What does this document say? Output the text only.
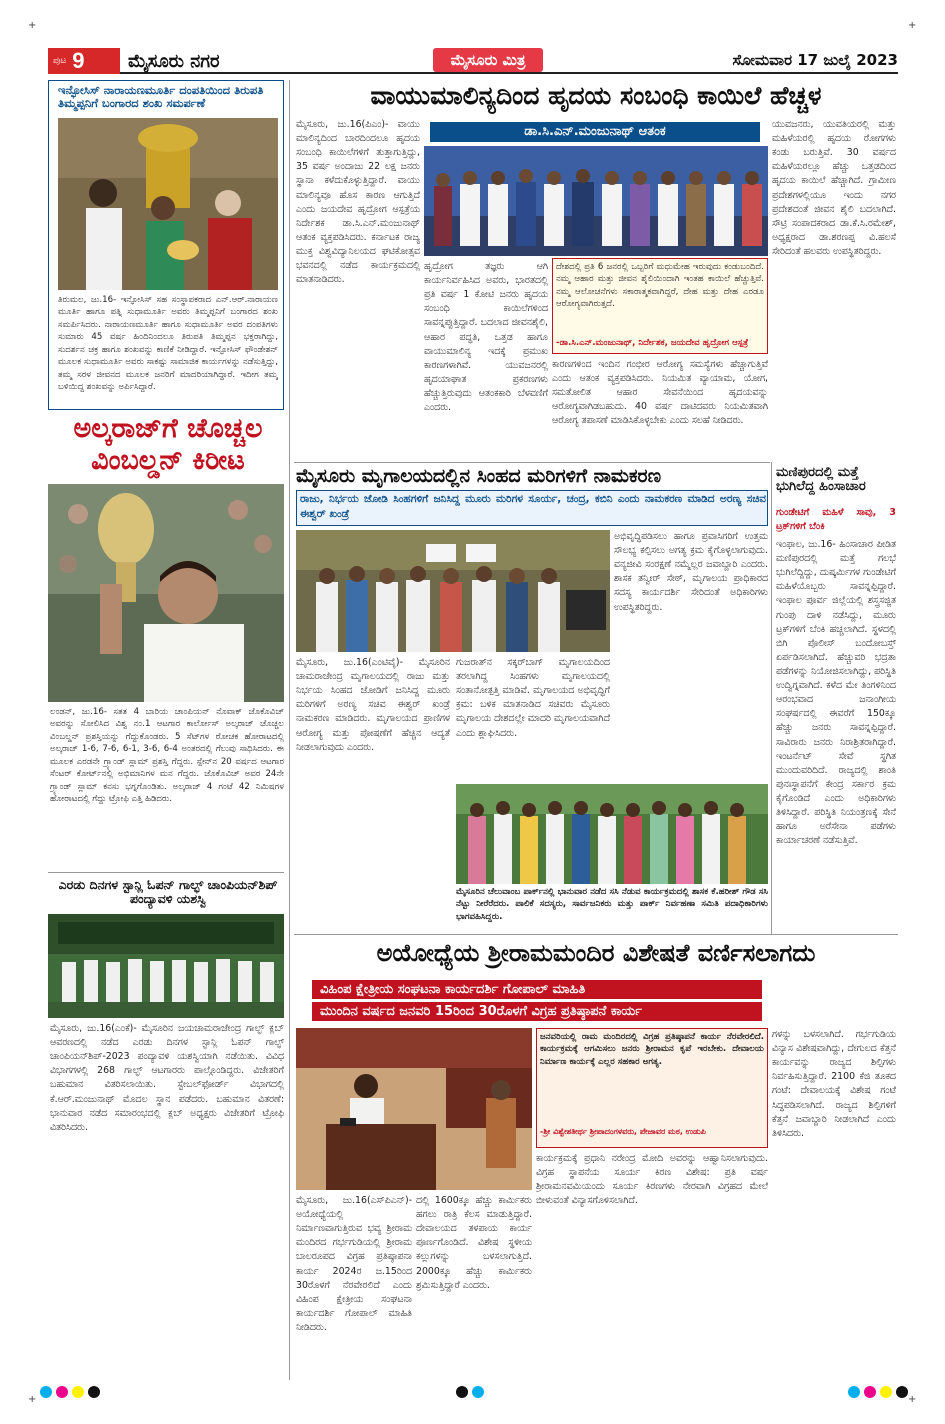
+	+
+	+
ಪುಟ 9 ಮೈಸೂರು ನಗರ	ಮೈಸೂರು ಮಿತ್ರ	ಸೋಮವಾರ 17 ಜುಲೈ 2023
ಇನ್ಫೋಸಿಸ್ ನಾರಾಯಣಮೂರ್ತಿ ದಂಪತಿಯಿಂದ ತಿರುಪತಿ ತಿಮ್ಮಪ್ಪನಿಗೆ ಬಂಗಾರದ ಶಂಖ ಸಮರ್ಪಣೆ
ತಿರುಮಲ, ಜು.16- ಇನ್ಫೋಸಿಸ್ ಸಹ ಸಂಸ್ಥಾಪಕರಾದ ಎನ್.ಆರ್.ನಾರಾಯಣ ಮೂರ್ತಿ ಹಾಗೂ ಪತ್ನಿ ಸುಧಾಮೂರ್ತಿ ಅವರು ತಿಮ್ಮಪ್ಪನಿಗೆ ಬಂಗಾರದ ಶಂಖ ಸಮರ್ಪಿಸಿದರು. ನಾರಾಯಣಮೂರ್ತಿ ಹಾಗೂ ಸುಧಾಮೂರ್ತಿ ಅವರ ದಂಪತಿಗಳು ಸುಮಾರು 45 ವರ್ಷ ಹಿಂದಿನಿಂದಲೂ ತಿರುಪತಿ ತಿಮ್ಮಪ್ಪನ ಭಕ್ತರಾಗಿದ್ದು, ಸುದರ್ಶನ ಚಕ್ರ ಹಾಗೂ ಶಂಖವನ್ನು ಕಾಣಿಕೆ ನೀಡಿದ್ದಾರೆ. ಇನ್ಫೋಸಿಸ್ ಫೌಂಡೇಶನ್ ಮೂಲಕ ಸುಧಾಮೂರ್ತಿ ಅವರು ಸಾಕಷ್ಟು ಸಾಮಾಜಿಕ ಕಾರ್ಯಗಳನ್ನು ನಡೆಸುತ್ತಿದ್ದು, ತಮ್ಮ ಸರಳ ಜೀವನದ ಮೂಲಕ ಜನರಿಗೆ ಮಾದರಿಯಾಗಿದ್ದಾರೆ. ಇದೀಗ ತಮ್ಮ ಬಳಿಯಿದ್ದ ಶಂಖವನ್ನು ಅರ್ಪಿಸಿದ್ದಾರೆ.
ಅಲ್ಕರಾಜ್‌ಗೆ ಚೊಚ್ಚಲ
ವಿಂಬಲ್ಡನ್ ಕಿರೀಟ
ಲಂಡನ್, ಜು.16- ಸತತ 4 ಬಾರಿಯ ಚಾಂಪಿಯನ್ ನೊವಾಕ್ ಜೊಕೊವಿಚ್ ಅವರನ್ನು ಸೋಲಿಸಿದ ವಿಶ್ವ ನಂ.1 ಆಟಗಾರ ಕಾರ್ಲೋಸ್ ಅಲ್ಕರಾಜ್ ಚೊಚ್ಚಲ ವಿಂಬಲ್ಡನ್ ಪ್ರಶಸ್ತಿಯನ್ನು ಗೆದ್ದುಕೊಂಡರು. 5 ಸೆಟ್‌ಗಳ ರೋಚಕ ಹೋರಾಟದಲ್ಲಿ ಅಲ್ಕರಾಜ್ 1-6, 7-6, 6-1, 3-6, 6-4 ಅಂತರದಲ್ಲಿ ಗೆಲುವು ಸಾಧಿಸಿದರು. ಈ ಮೂಲಕ ಎರಡನೇ ಗ್ರ್ಯಾಂಡ್ ಸ್ಲಾಮ್ ಪ್ರಶಸ್ತಿ ಗೆದ್ದರು. ಸ್ಪೇನ್‌ನ 20 ವರ್ಷದ ಆಟಗಾರ ಸೆಂಟರ್ ಕೋರ್ಟ್‌ನಲ್ಲಿ ಅಭಿಮಾನಿಗಳ ಮನ ಗೆದ್ದರು. ಜೊಕೊವಿಚ್ ಅವರ 24ನೇ ಗ್ರ್ಯಾಂಡ್ ಸ್ಲಾಮ್ ಕನಸು ಭಗ್ನಗೊಂಡಿತು. ಅಲ್ಕರಾಜ್ 4 ಗಂಟೆ 42 ನಿಮಿಷಗಳ ಹೋರಾಟದಲ್ಲಿ ಗೆದ್ದು ಟ್ರೋಫಿ ಎತ್ತಿ ಹಿಡಿದರು.
ಎರಡು ದಿನಗಳ ಸ್ಟಾನ್ಲಿ ಓಪನ್ ಗಾಲ್ಫ್ ಚಾಂಪಿಯನ್‌ಶಿಪ್ ಪಂದ್ಯಾವಳಿ ಯಶಸ್ವಿ
ಮೈಸೂರು, ಜು.16(ಎಂಕೆ)- ಮೈಸೂರಿನ ಜಯಚಾಮರಾಜೇಂದ್ರ ಗಾಲ್ಫ್ ಕ್ಲಬ್ ಆವರಣದಲ್ಲಿ ನಡೆದ ಎರಡು ದಿನಗಳ ಸ್ಟಾನ್ಲಿ ಓಪನ್ ಗಾಲ್ಫ್ ಚಾಂಪಿಯನ್‌ಶಿಪ್-2023 ಪಂದ್ಯಾವಳಿ ಯಶಸ್ವಿಯಾಗಿ ನಡೆಯಿತು. ವಿವಿಧ ವಿಭಾಗಗಳಲ್ಲಿ 268 ಗಾಲ್ಫ್ ಆಟಗಾರರು ಪಾಲ್ಗೊಂಡಿದ್ದರು. ವಿಜೇತರಿಗೆ ಬಹುಮಾನ ವಿತರಿಸಲಾಯಿತು. ಸ್ಟೇಬಲ್‌ಫೋರ್ಡ್ ವಿಭಾಗದಲ್ಲಿ ಕೆ.ಆರ್.ಮಂಜುನಾಥ್ ಮೊದಲ ಸ್ಥಾನ ಪಡೆದರು. ಬಹುಮಾನ ವಿತರಣೆ: ಭಾನುವಾರ ನಡೆದ ಸಮಾರಂಭದಲ್ಲಿ ಕ್ಲಬ್ ಅಧ್ಯಕ್ಷರು ವಿಜೇತರಿಗೆ ಟ್ರೋಫಿ ವಿತರಿಸಿದರು.
ವಾಯುಮಾಲಿನ್ಯದಿಂದ ಹೃದಯ ಸಂಬಂಧಿ ಕಾಯಿಲೆ ಹೆಚ್ಚಳ
ಡಾ.ಸಿ.ಎನ್.ಮಂಜುನಾಥ್ ಆತಂಕ
ಮೈಸೂರು, ಜು.16(ಪಿಎಂ)- ವಾಯು ಮಾಲಿನ್ಯದಿಂದ ಬಾರದಿಂದಲೂ ಹೃದಯ ಸಂಬಂಧಿ ಕಾಯಿಲೆಗಳಿಗೆ ತುತ್ತಾಗುತ್ತಿದ್ದು, 35 ವರ್ಷ ಅಂದಾಜು 22 ಲಕ್ಷ ಜನರು ಸ್ಥಾನಾ ಕಳೆದುಕೊಳ್ಳುತ್ತಿದ್ದಾರೆ. ವಾಯು ಮಾಲಿನ್ಯವೂ ಹೊಸ ಕಾರಣ ಆಗುತ್ತಿದೆ ಎಂದು ಜಯದೇವ ಹೃದ್ರೋಗ ಆಸ್ಪತ್ರೆಯ ನಿರ್ದೇಶಕ ಡಾ.ಸಿ.ಎನ್.ಮಂಜುನಾಥ್ ಆತಂಕ ವ್ಯಕ್ತಪಡಿಸಿದರು. ಕರ್ನಾಟಕ ರಾಜ್ಯ ಮುಕ್ತ ವಿಶ್ವವಿದ್ಯಾನಿಲಯದ ಘಟಿಕೋತ್ಸವ ಭವನದಲ್ಲಿ ನಡೆದ ಕಾರ್ಯಕ್ರಮದಲ್ಲಿ ಮಾತನಾಡಿದರು.
ಯುವಜನರು, ಯುವತಿಯರಲ್ಲಿ ಮತ್ತು ಮಹಿಳೆಯರಲ್ಲಿ ಹೃದಯ ರೋಗಗಳು ಕಂಡು ಬರುತ್ತಿವೆ. 30 ವರ್ಷದ ಮಹಿಳೆಯರಲ್ಲೂ ಹೆಚ್ಚು ಒತ್ತಡದಿಂದ ಹೃದಯ ಕಾಯಿಲೆ ಹೆಚ್ಚಾಗಿದೆ. ಗ್ರಾಮೀಣ ಪ್ರದೇಶಗಳಲ್ಲಿಯೂ ಇಂದು ನಗರ ಪ್ರದೇಶದಂತೆ ಜೀವನ ಶೈಲಿ ಬದಲಾಗಿದೆ. ಸೌಟ್ರಿ ಸಂಪಾದಕರಾದ ಡಾ.ಕೆ.ಸಿ.ರಮೇಶ್, ಅಧ್ಯಕ್ಷರಾದ ಡಾ.ಶರಣಪ್ಪ ವಿ.ಹಲಸೆ ಸೇರಿದಂತೆ ಹಲವರು ಉಪಸ್ಥಿತರಿದ್ದರು.
ದೇಶದಲ್ಲಿ ಪ್ರತಿ 6 ಜನರಲ್ಲಿ ಒಬ್ಬರಿಗೆ ಮಧುಮೇಹ ಇರುವುದು ಕಂಡುಬಂದಿದೆ. ನಮ್ಮ ಆಹಾರ ಮತ್ತು ಜೀವನ ಶೈಲಿಯಿಂದಾಗಿ ಇಂತಹ ಕಾಯಿಲೆ ಹೆಚ್ಚುತ್ತಿವೆ. ನಮ್ಮ ಆಲೋಚನೆಗಳು ಸಕಾರಾತ್ಮಕವಾಗಿದ್ದರೆ, ದೇಹ ಮತ್ತು ದೇಹ ಎರಡೂ ಆರೋಗ್ಯವಾಗಿರುತ್ತದೆ.
-ಡಾ.ಸಿ.ಎನ್.ಮಂಜುನಾಥ್, ನಿರ್ದೇಶಕ, ಜಯದೇವ ಹೃದ್ರೋಗ ಆಸ್ಪತ್ರೆ
ಹೃದ್ರೋಗ ತಜ್ಞರು ಆಗಿ ಕಾರ್ಯನಿರ್ವಹಿಸಿದ ಅವರು, ಭಾರತದಲ್ಲಿ ಪ್ರತಿ ವರ್ಷ 1 ಕೋಟಿ ಜನರು ಹೃದಯ ಸಂಬಂಧಿ ಕಾಯಿಲೆಗಳಿಂದ ಸಾವನ್ನಪ್ಪುತ್ತಿದ್ದಾರೆ. ಬದಲಾದ ಜೀವನಶೈಲಿ, ಆಹಾರ ಪದ್ಧತಿ, ಒತ್ತಡ ಹಾಗೂ ವಾಯುಮಾಲಿನ್ಯ ಇದಕ್ಕೆ ಪ್ರಮುಖ ಕಾರಣಗಳಾಗಿವೆ. ಯುವಜನರಲ್ಲಿ ಹೃದಯಾಘಾತ ಪ್ರಕರಣಗಳು ಹೆಚ್ಚುತ್ತಿರುವುದು ಆತಂಕಕಾರಿ ಬೆಳವಣಿಗೆ ಎಂದರು.
ಕಾರಣಗಳಿಂದ ಇಂದಿನ ಗಂಭೀರ ಆರೋಗ್ಯ ಸಮಸ್ಯೆಗಳು ಹೆಚ್ಚಾಗುತ್ತಿವೆ ಎಂದು ಆತಂಕ ವ್ಯಕ್ತಪಡಿಸಿದರು. ನಿಯಮಿತ ವ್ಯಾಯಾಮ, ಯೋಗ, ಸಮತೋಲಿತ ಆಹಾರ ಸೇವನೆಯಿಂದ ಹೃದಯವನ್ನು ಆರೋಗ್ಯವಾಗಿಡಬಹುದು. 40 ವರ್ಷ ದಾಟಿದವರು ನಿಯಮಿತವಾಗಿ ಆರೋಗ್ಯ ತಪಾಸಣೆ ಮಾಡಿಸಿಕೊಳ್ಳಬೇಕು ಎಂದು ಸಲಹೆ ನೀಡಿದರು.
ಮೈಸೂರು ಮೃಗಾಲಯದಲ್ಲಿನ ಸಿಂಹದ ಮರಿಗಳಿಗೆ ನಾಮಕರಣ
ರಾಜು, ನಿರ್ಭಯ ಜೋಡಿ ಸಿಂಹಗಳಿಗೆ ಜನಿಸಿದ್ದ ಮೂರು ಮರಿಗಳ ಸೂರ್ಯ, ಚಂದ್ರ, ಕಬಿನಿ ಎಂದು ನಾಮಕರಣ ಮಾಡಿದ ಅರಣ್ಯ ಸಚಿವ ಈಶ್ವರ್ ಖಂಡ್ರೆ
ಅಭಿವೃದ್ಧಿಪಡಿಸಲು ಹಾಗೂ ಪ್ರವಾಸಿಗರಿಗೆ ಉತ್ತಮ ಸೌಲಭ್ಯ ಕಲ್ಪಿಸಲು ಅಗತ್ಯ ಕ್ರಮ ಕೈಗೊಳ್ಳಲಾಗುವುದು. ವನ್ಯಜೀವಿ ಸಂರಕ್ಷಣೆ ನಮ್ಮೆಲ್ಲರ ಜವಾಬ್ದಾರಿ ಎಂದರು. ಶಾಸಕ ತನ್ವೀರ್ ಸೇಠ್, ಮೃಗಾಲಯ ಪ್ರಾಧಿಕಾರದ ಸದಸ್ಯ ಕಾರ್ಯದರ್ಶಿ ಸೇರಿದಂತೆ ಅಧಿಕಾರಿಗಳು ಉಪಸ್ಥಿತರಿದ್ದರು.
ಮೈಸೂರು, ಜು.16(ಎಂಟಿವೈ)- ಮೈಸೂರಿನ ಚಾಮರಾಜೇಂದ್ರ ಮೃಗಾಲಯದಲ್ಲಿ ರಾಜು ಮತ್ತು ನಿರ್ಭಯ ಸಿಂಹದ ಜೋಡಿಗೆ ಜನಿಸಿದ್ದ ಮೂರು ಮರಿಗಳಿಗೆ ಅರಣ್ಯ ಸಚಿವ ಈಶ್ವರ್ ಖಂಡ್ರೆ ನಾಮಕರಣ ಮಾಡಿದರು. ಮೃಗಾಲಯದ ಪ್ರಾಣಿಗಳ ಆರೋಗ್ಯ ಮತ್ತು ಪೋಷಣೆಗೆ ಹೆಚ್ಚಿನ ಆದ್ಯತೆ ನೀಡಲಾಗುವುದು ಎಂದರು.
ಗುಜರಾತ್‌ನ ಸಕ್ಕರ್‌ಬಾಗ್ ಮೃಗಾಲಯದಿಂದ ತರಲಾಗಿದ್ದ ಸಿಂಹಗಳು ಮೃಗಾಲಯದಲ್ಲಿ ಸಂತಾನೋತ್ಪತ್ತಿ ಮಾಡಿವೆ. ಮೃಗಾಲಯದ ಅಭಿವೃದ್ಧಿಗೆ ಕ್ರಮ: ಬಳಿಕ ಮಾತನಾಡಿದ ಸಚಿವರು ಮೈಸೂರು ಮೃಗಾಲಯ ದೇಶದಲ್ಲೇ ಮಾದರಿ ಮೃಗಾಲಯವಾಗಿದೆ ಎಂದು ಶ್ಲಾಘಿಸಿದರು.
ಮೈಸೂರಿನ ಚೆಲುವಾಂಬ ಪಾರ್ಕ್‌ನಲ್ಲಿ ಭಾನುವಾರ ನಡೆದ ಸಸಿ ನೆಡುವ ಕಾರ್ಯಕ್ರಮದಲ್ಲಿ ಶಾಸಕ ಕೆ.ಹರೀಶ್ ಗೌಡ ಸಸಿ ನೆಟ್ಟು ನೀರೆರೆದರು. ಪಾಲಿಕೆ ಸದಸ್ಯರು, ಸಾರ್ವಜನಿಕರು ಮತ್ತು ಪಾರ್ಕ್ ನಿರ್ವಹಣಾ ಸಮಿತಿ ಪದಾಧಿಕಾರಿಗಳು ಭಾಗವಹಿಸಿದ್ದರು.
ಮಣಿಪುರದಲ್ಲಿ ಮತ್ತೆ ಭುಗಿಲೆದ್ದ ಹಿಂಸಾಚಾರ
ಗುಂಡೇಟಿಗೆ ಮಹಿಳೆ ಸಾವು, 3 ಟ್ರಕ್‌ಗಳಿಗೆ ಬೆಂಕಿ
ಇಂಫಾಲ, ಜು.16- ಹಿಂಸಾಚಾರ ಪೀಡಿತ ಮಣಿಪುರದಲ್ಲಿ ಮತ್ತೆ ಗಲಭೆ ಭುಗಿಲೆದ್ದಿದ್ದು, ದುಷ್ಕರ್ಮಿಗಳ ಗುಂಡೇಟಿಗೆ ಮಹಿಳೆಯೊಬ್ಬರು ಸಾವನ್ನಪ್ಪಿದ್ದಾರೆ. ಇಂಫಾಲ ಪೂರ್ವ ಜಿಲ್ಲೆಯಲ್ಲಿ ಶಸ್ತ್ರಸಜ್ಜಿತ ಗುಂಪು ದಾಳಿ ನಡೆಸಿದ್ದು, ಮೂರು ಟ್ರಕ್‌ಗಳಿಗೆ ಬೆಂಕಿ ಹಚ್ಚಲಾಗಿದೆ. ಸ್ಥಳದಲ್ಲಿ ಬಿಗಿ ಪೊಲೀಸ್ ಬಂದೋಬಸ್ತ್ ಏರ್ಪಡಿಸಲಾಗಿದೆ. ಹೆಚ್ಚುವರಿ ಭದ್ರತಾ ಪಡೆಗಳನ್ನು ನಿಯೋಜಿಸಲಾಗಿದ್ದು, ಪರಿಸ್ಥಿತಿ ಉದ್ವಿಗ್ನವಾಗಿದೆ. ಕಳೆದ ಮೇ ತಿಂಗಳಿನಿಂದ ಆರಂಭವಾದ ಜನಾಂಗೀಯ ಸಂಘರ್ಷದಲ್ಲಿ ಈವರೆಗೆ 150ಕ್ಕೂ ಹೆಚ್ಚು ಜನರು ಸಾವನ್ನಪ್ಪಿದ್ದಾರೆ. ಸಾವಿರಾರು ಜನರು ನಿರಾಶ್ರಿತರಾಗಿದ್ದಾರೆ. ಇಂಟರ್ನೆಟ್ ಸೇವೆ ಸ್ಥಗಿತ ಮುಂದುವರಿದಿದೆ. ರಾಜ್ಯದಲ್ಲಿ ಶಾಂತಿ ಪುನಃಸ್ಥಾಪನೆಗೆ ಕೇಂದ್ರ ಸರ್ಕಾರ ಕ್ರಮ ಕೈಗೊಂಡಿದೆ ಎಂದು ಅಧಿಕಾರಿಗಳು ತಿಳಿಸಿದ್ದಾರೆ. ಪರಿಸ್ಥಿತಿ ನಿಯಂತ್ರಣಕ್ಕೆ ಸೇನೆ ಹಾಗೂ ಅರೆಸೇನಾ ಪಡೆಗಳು ಕಾರ್ಯಾಚರಣೆ ನಡೆಸುತ್ತಿವೆ.
ಅಯೋಧ್ಯೆಯ ಶ್ರೀರಾಮಮಂದಿರ ವಿಶೇಷತೆ ವರ್ಣಿಸಲಾಗದು
ವಿಹಿಂಪ ಕ್ಷೇತ್ರೀಯ ಸಂಘಟನಾ ಕಾರ್ಯದರ್ಶಿ ಗೋಪಾಲ್ ಮಾಹಿತಿ
ಮುಂದಿನ ವರ್ಷದ ಜನವರಿ 15ರಿಂದ 30ರೊಳಗೆ ವಿಗ್ರಹ ಪ್ರತಿಷ್ಠಾಪನೆ ಕಾರ್ಯ
ಜನವರಿಯಲ್ಲಿ ರಾಮ ಮಂದಿರದಲ್ಲಿ ವಿಗ್ರಹ ಪ್ರತಿಷ್ಠಾಪನೆ ಕಾರ್ಯ ನೆರವೇರಲಿದೆ. ಕಾರ್ಯಕ್ರಮಕ್ಕೆ ಆಗಮಿಸಲು ಜನರು ಶ್ರೀರಾಮನ ಕೃಪೆ ಇರಬೇಕು. ದೇವಾಲಯ ನಿರ್ಮಾಣ ಕಾರ್ಯಕ್ಕೆ ಎಲ್ಲರ ಸಹಕಾರ ಅಗತ್ಯ.
-ಶ್ರೀ ವಿಶ್ವೇಶತೀರ್ಥ ಶ್ರೀಪಾದಂಗಳವರು, ಪೇಜಾವರ ಮಠ, ಉಡುಪಿ
ಗಳನ್ನು ಬಳಸಲಾಗಿದೆ. ಗರ್ಭಗುಡಿಯ ವಿನ್ಯಾಸ ವಿಶೇಷವಾಗಿದ್ದು, ದೇಗುಲದ ಕೆತ್ತನೆ ಕಾರ್ಯವನ್ನು ರಾಜ್ಯದ ಶಿಲ್ಪಿಗಳು ನಿರ್ವಹಿಸುತ್ತಿದ್ದಾರೆ. 2100 ಕೆಜಿ ತೂಕದ ಗಂಟೆ: ದೇವಾಲಯಕ್ಕೆ ವಿಶೇಷ ಗಂಟೆ ಸಿದ್ಧಪಡಿಸಲಾಗಿದೆ. ರಾಜ್ಯದ ಶಿಲ್ಪಿಗಳಿಗೆ ಕೆತ್ತನೆ ಜವಾಬ್ದಾರಿ ನೀಡಲಾಗಿದೆ ಎಂದು ತಿಳಿಸಿದರು.
ಮೈಸೂರು, ಜು.16(ಎಸ್‌ಪಿಎನ್)- ಅಯೋಧ್ಯೆಯಲ್ಲಿ ನಿರ್ಮಾಣವಾಗುತ್ತಿರುವ ಭವ್ಯ ಶ್ರೀರಾಮ ಮಂದಿರದ ಗರ್ಭಗುಡಿಯಲ್ಲಿ ಶ್ರೀರಾಮ ಬಾಲರೂಪದ ವಿಗ್ರಹ ಪ್ರತಿಷ್ಠಾಪನಾ ಕಾರ್ಯ 2024ರ ಜ.15ರಿಂದ 30ರೊಳಗೆ ನೆರವೇರಲಿದೆ ಎಂದು ವಿಹಿಂಪ ಕ್ಷೇತ್ರೀಯ ಸಂಘಟನಾ ಕಾರ್ಯದರ್ಶಿ ಗೋಪಾಲ್ ಮಾಹಿತಿ ನೀಡಿದರು.
ದಲ್ಲಿ 1600ಕ್ಕೂ ಹೆಚ್ಚು ಕಾರ್ಮಿಕರು ಹಗಲು ರಾತ್ರಿ ಕೆಲಸ ಮಾಡುತ್ತಿದ್ದಾರೆ. ದೇವಾಲಯದ ತಳಪಾಯ ಕಾರ್ಯ ಪೂರ್ಣಗೊಂಡಿದೆ. ವಿಶೇಷ ಸ್ಥಳೀಯ ಕಲ್ಲುಗಳನ್ನು ಬಳಸಲಾಗುತ್ತಿದೆ. 2000ಕ್ಕೂ ಹೆಚ್ಚು ಕಾರ್ಮಿಕರು ಶ್ರಮಿಸುತ್ತಿದ್ದಾರೆ ಎಂದರು.
ಕಾರ್ಯಕ್ರಮಕ್ಕೆ ಪ್ರಧಾನಿ ನರೇಂದ್ರ ಮೋದಿ ಅವರನ್ನು ಆಹ್ವಾನಿಸಲಾಗುವುದು. ವಿಗ್ರಹ ಸ್ಥಾಪನೆಯ ಸೂರ್ಯ ಕಿರಣ ವಿಶೇಷ: ಪ್ರತಿ ವರ್ಷ ಶ್ರೀರಾಮನವಮಿಯಂದು ಸೂರ್ಯ ಕಿರಣಗಳು ನೇರವಾಗಿ ವಿಗ್ರಹದ ಮೇಲೆ ಬೀಳುವಂತೆ ವಿನ್ಯಾಸಗೊಳಿಸಲಾಗಿದೆ.
